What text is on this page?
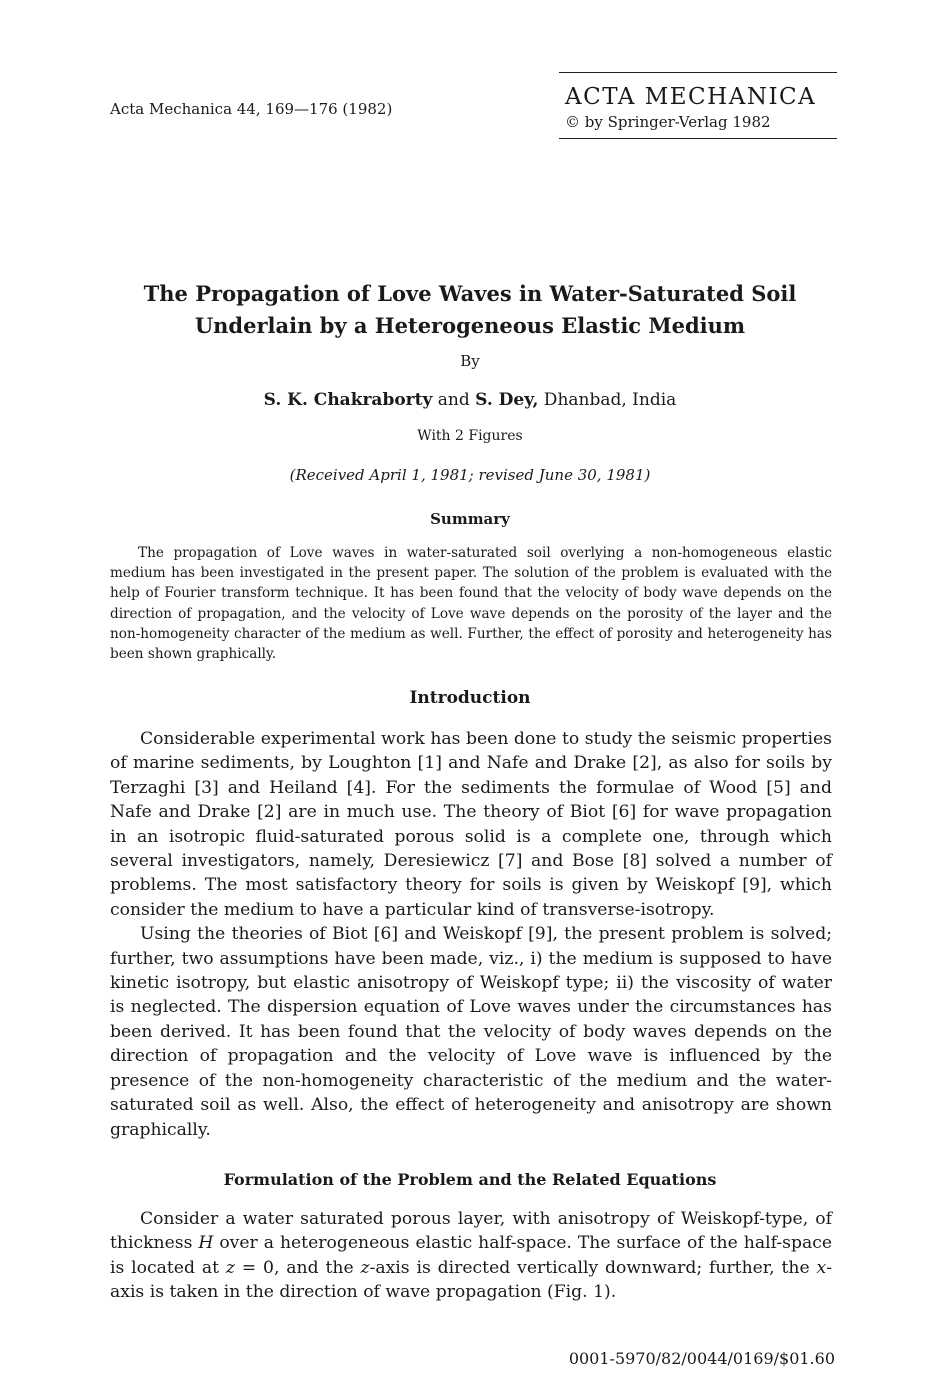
Acta Mechanica 44, 169—176 (1982)	ACTA MECHANICA
© by Springer-Verlag 1982
The Propagation of Love Waves in Water-Saturated Soil
Underlain by a Heterogeneous Elastic Medium
By
S. K. Chakraborty and S. Dey, Dhanbad, India
With 2 Figures
(Received April 1, 1981; revised June 30, 1981)
Summary

The propagation of Love waves in water-saturated soil overlying a non-homogeneous elastic medium has been investigated in the present paper. The solution of the problem is evaluated with the help of Fourier transform technique. It has been found that the velocity of body wave depends on the direction of propagation, and the velocity of Love wave depends on the porosity of the layer and the non-homogeneity character of the medium as well. Further, the effect of porosity and heterogeneity has been shown graphically.

Introduction

Considerable experimental work has been done to study the seismic properties of marine sediments, by Loughton [1] and Nafe and Drake [2], as also for soils by Terzaghi [3] and Heiland [4]. For the sediments the formulae of Wood [5] and Nafe and Drake [2] are in much use. The theory of Biot [6] for wave propagation in an isotropic fluid-saturated porous solid is a complete one, through which several investigators, namely, Deresiewicz [7] and Bose [8] solved a number of problems. The most satisfactory theory for soils is given by Weiskopf [9], which consider the medium to have a particular kind of transverse-isotropy.

Using the theories of Biot [6] and Weiskopf [9], the present problem is solved; further, two assumptions have been made, viz., i) the medium is supposed to have kinetic isotropy, but elastic anisotropy of Weiskopf type; ii) the viscosity of water is neglected. The dispersion equation of Love waves under the circumstances has been derived. It has been found that the velocity of body waves depends on the direction of propagation and the velocity of Love wave is influenced by the presence of the non-homogeneity characteristic of the medium and the water-saturated soil as well. Also, the effect of heterogeneity and anisotropy are shown graphically.

Formulation of the Problem and the Related Equations

Consider a water saturated porous layer, with anisotropy of Weiskopf-type, of thickness H over a heterogeneous elastic half-space. The surface of the half-space is located at z = 0, and the z-axis is directed vertically downward; further, the x-axis is taken in the direction of wave propagation (Fig. 1).

0001-5970/82/0044/0169/$01.60
